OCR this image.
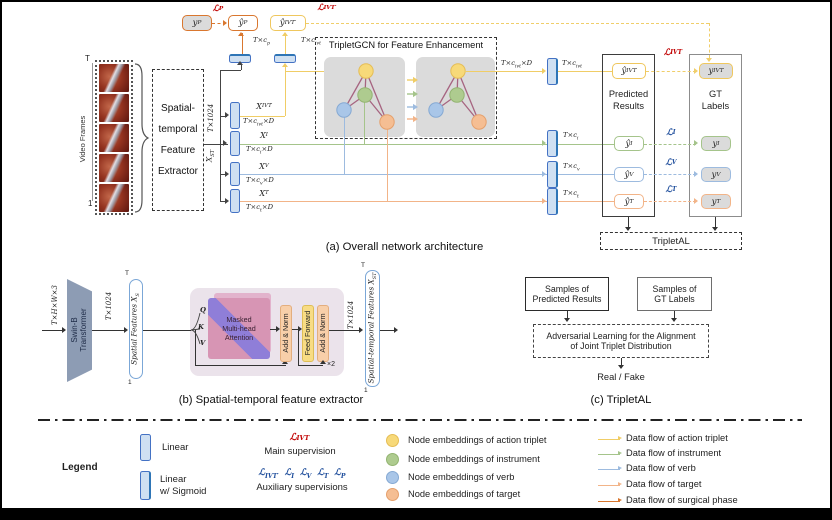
Video Frames
T
1
Spatial-
temporal
Feature
Extractor
T×1024
$X_{ST}$
y P
ℒ P
ŷ P
$T\times c_p$
ŷ IVT′
ℒ IVT′
$T\times c_{ivt}$
X IVT
$T\times c_{ivt}\times D$
X I
$T\times c_i\times D$
X V
$T\times c_v\times D$
X T
$T\times c_t\times D$
TripletGCN for Feature Enhancement
$T\times c_{ivt}\times D$	$T\times c_{ivt}$
$T\times c_i$
$T\times c_v$
$T\times c_t$
Predicted
Results
ŷ IVT
ŷ I
ŷ V
ŷ T
GT
Labels
y IVT
y I
y V
y T
ℒ IVT
ℒ I
ℒ V
ℒ T
TripletAL
(a) Overall network architecture
T×H×W×3
Swin-B Transformer
T×1024 Spatial Features $X_S$
T
1
Q
K
V
Masked
Multi-head
Attention	Add & Norm Feed Forward Add & Norm
×2
T×1024 Spatial-temporal Features $X_{ST}$
T
1
(b) Spatial-temporal feature extractor
Samples of
Predicted Results
Samples of
GT Labels
Adversarial Learning for the Alignment
of Joint Triplet Distribution
Real / Fake
(c) TripletAL
Legend
Linear
Linear
w/ Sigmoid
ℒ IVT
Main supervision
ℒ$_{IVT'}$ ℒ$_I$ ℒ$_V$ ℒ$_T$ ℒ$_P$
Auxiliary supervisions
Node embeddings of action triplet
Node embeddings of instrument
Node embeddings of verb
Node embeddings of target
Data flow of action triplet
Data flow of instrument
Data flow of verb
Data flow of target
Data flow of surgical phase
